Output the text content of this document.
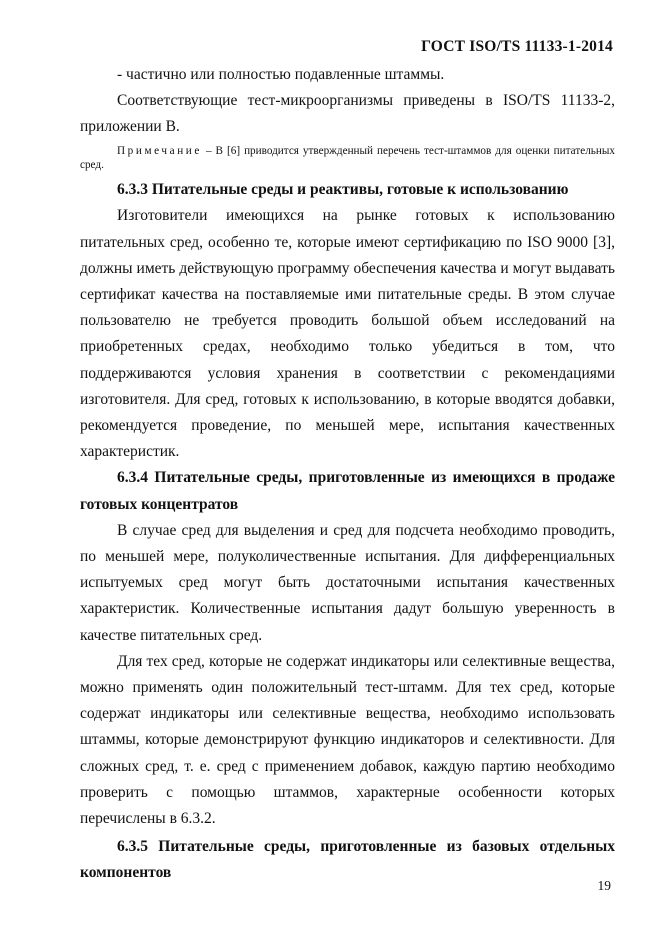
ГОСТ ISO/TS 11133-1-2014

- частично или полностью подавленные штаммы.

Соответствующие тест-микроорганизмы приведены в ISO/TS 11133-2, приложении B.

Примечание – В [6] приводится утвержденный перечень тест-штаммов для оценки питательных сред.

6.3.3 Питательные среды и реактивы, готовые к использованию

Изготовители имеющихся на рынке готовых к использованию питательных сред, особенно те, которые имеют сертификацию по ISO 9000 [3], должны иметь действующую программу обеспечения качества и могут выдавать сертификат качества на поставляемые ими питательные среды. В этом случае пользователю не требуется проводить большой объем исследований на приобретенных средах, необходимо только убедиться в том, что поддерживаются условия хранения в соответствии с рекомендациями изготовителя. Для сред, готовых к использованию, в которые вводятся добавки, рекомендуется проведение, по меньшей мере, испытания качественных характеристик.

6.3.4 Питательные среды, приготовленные из имеющихся в продаже готовых концентратов

В случае сред для выделения и сред для подсчета необходимо проводить, по меньшей мере, полуколичественные испытания. Для дифференциальных испытуемых сред могут быть достаточными испытания качественных характеристик. Количественные испытания дадут большую уверенность в качестве питательных сред.

Для тех сред, которые не содержат индикаторы или селективные вещества, можно применять один положительный тест-штамм. Для тех сред, которые содержат индикаторы или селективные вещества, необходимо использовать штаммы, которые демонстрируют функцию индикаторов и селективности. Для сложных сред, т. е. сред с применением добавок, каждую партию необходимо проверить с помощью штаммов, характерные особенности которых перечислены в 6.3.2.

6.3.5 Питательные среды, приготовленные из базовых отдельных компонентов

19
